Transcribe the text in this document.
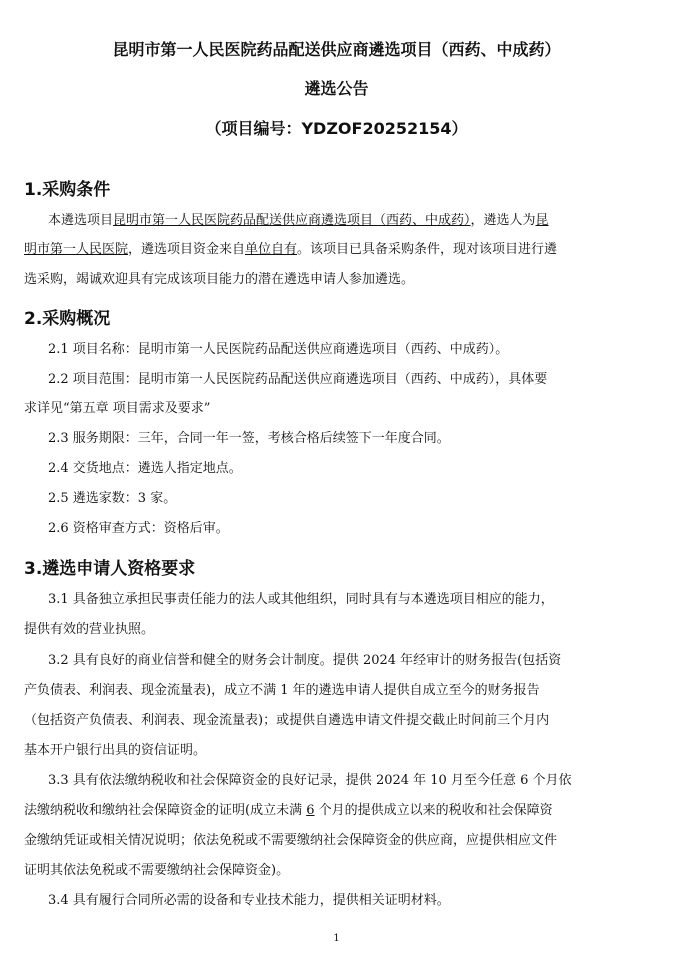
昆明市第一人民医院药品配送供应商遴选项目（西药、中成药）
遴选公告
（项目编号：YDZOF20252154）
1.采购条件
本遴选项目昆明市第一人民医院药品配送供应商遴选项目（西药、中成药），遴选人为昆
明市第一人民医院，遴选项目资金来自单位自有。该项目已具备采购条件，现对该项目进行遴
选采购，竭诚欢迎具有完成该项目能力的潜在遴选申请人参加遴选。
2.采购概况
2.1 项目名称：昆明市第一人民医院药品配送供应商遴选项目（西药、中成药）。
2.2 项目范围：昆明市第一人民医院药品配送供应商遴选项目（西药、中成药），具体要
求详见“第五章 项目需求及要求”
2.3 服务期限：三年，合同一年一签，考核合格后续签下一年度合同。
2.4 交货地点：遴选人指定地点。
2.5 遴选家数：3 家。
2.6 资格审查方式：资格后审。
3.遴选申请人资格要求
3.1 具备独立承担民事责任能力的法人或其他组织，同时具有与本遴选项目相应的能力，
提供有效的营业执照。
3.2 具有良好的商业信誉和健全的财务会计制度。提供 2024 年经审计的财务报告(包括资
产负债表、利润表、现金流量表)，成立不满 1 年的遴选申请人提供自成立至今的财务报告
（包括资产负债表、利润表、现金流量表)；或提供自遴选申请文件提交截止时间前三个月内
基本开户银行出具的资信证明。
3.3 具有依法缴纳税收和社会保障资金的良好记录，提供 2024 年 10 月至今任意 6 个月依
法缴纳税收和缴纳社会保障资金的证明(成立未满 6 个月的提供成立以来的税收和社会保障资
金缴纳凭证或相关情况说明；依法免税或不需要缴纳社会保障资金的供应商，应提供相应文件
证明其依法免税或不需要缴纳社会保障资金)。
3.4 具有履行合同所必需的设备和专业技术能力，提供相关证明材料。
1
